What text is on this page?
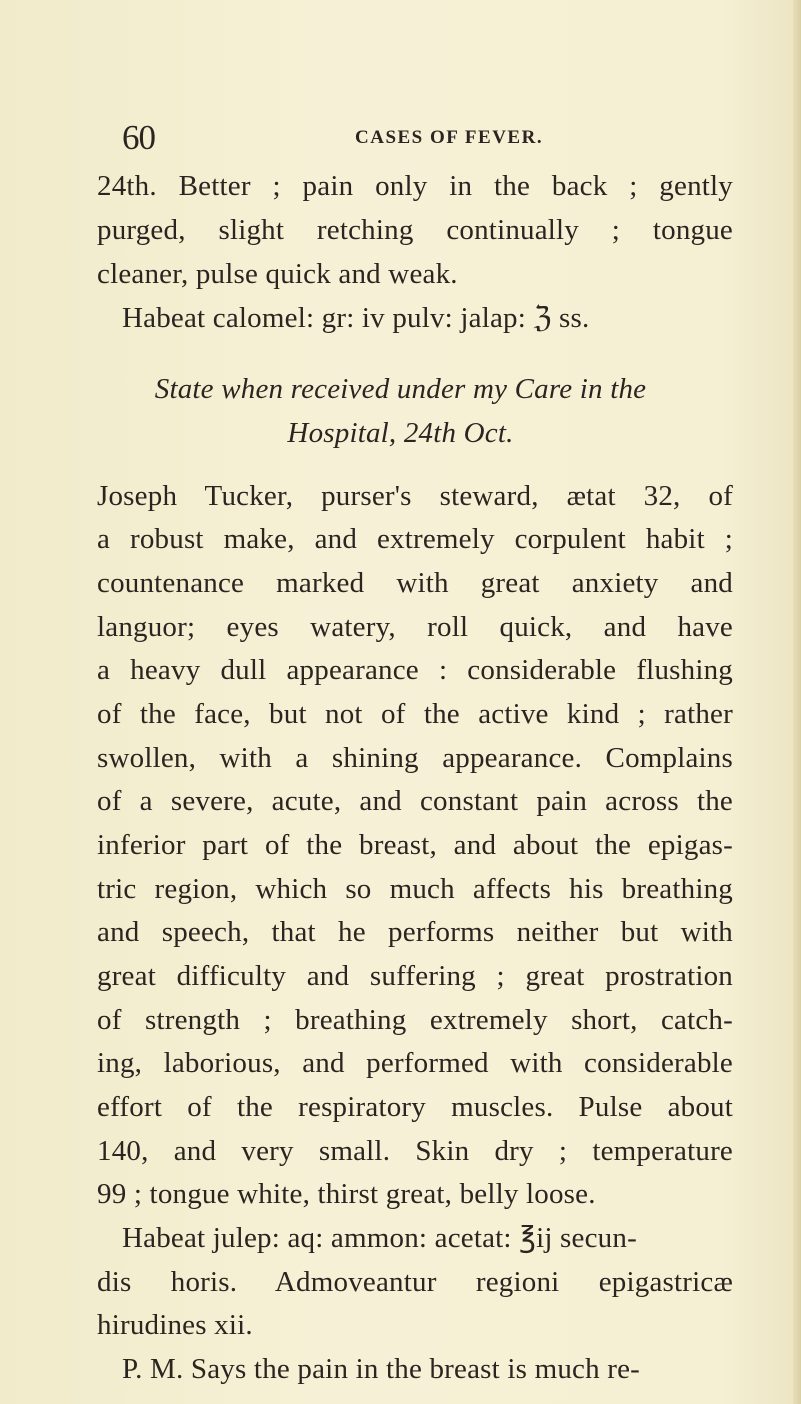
60	CASES OF FEVER.
24th. Better ; pain only in the back ; gently
purged, slight retching continually ; tongue
cleaner, pulse quick and weak.
Habeat calomel: gr: iv pulv: jalap: ℨ ss.
State when received under my Care in the
Hospital, 24th Oct.
Joseph Tucker, purser's steward, ætat 32, of
a robust make, and extremely corpulent habit ;
countenance marked with great anxiety and
languor; eyes watery, roll quick, and have
a heavy dull appearance : considerable flushing
of the face, but not of the active kind ; rather
swollen, with a shining appearance. Complains
of a severe, acute, and constant pain across the
inferior part of the breast, and about the epigas-
tric region, which so much affects his breathing
and speech, that he performs neither but with
great difficulty and suffering ; great prostration
of strength ; breathing extremely short, catch-
ing, laborious, and performed with considerable
effort of the respiratory muscles. Pulse about
140, and very small. Skin dry ; temperature
99 ; tongue white, thirst great, belly loose.
Habeat julep: aq: ammon: acetat: ℥ij secun-
dis horis. Admoveantur regioni epigastricæ
hirudines xii.
P. M. Says the pain in the breast is much re-
